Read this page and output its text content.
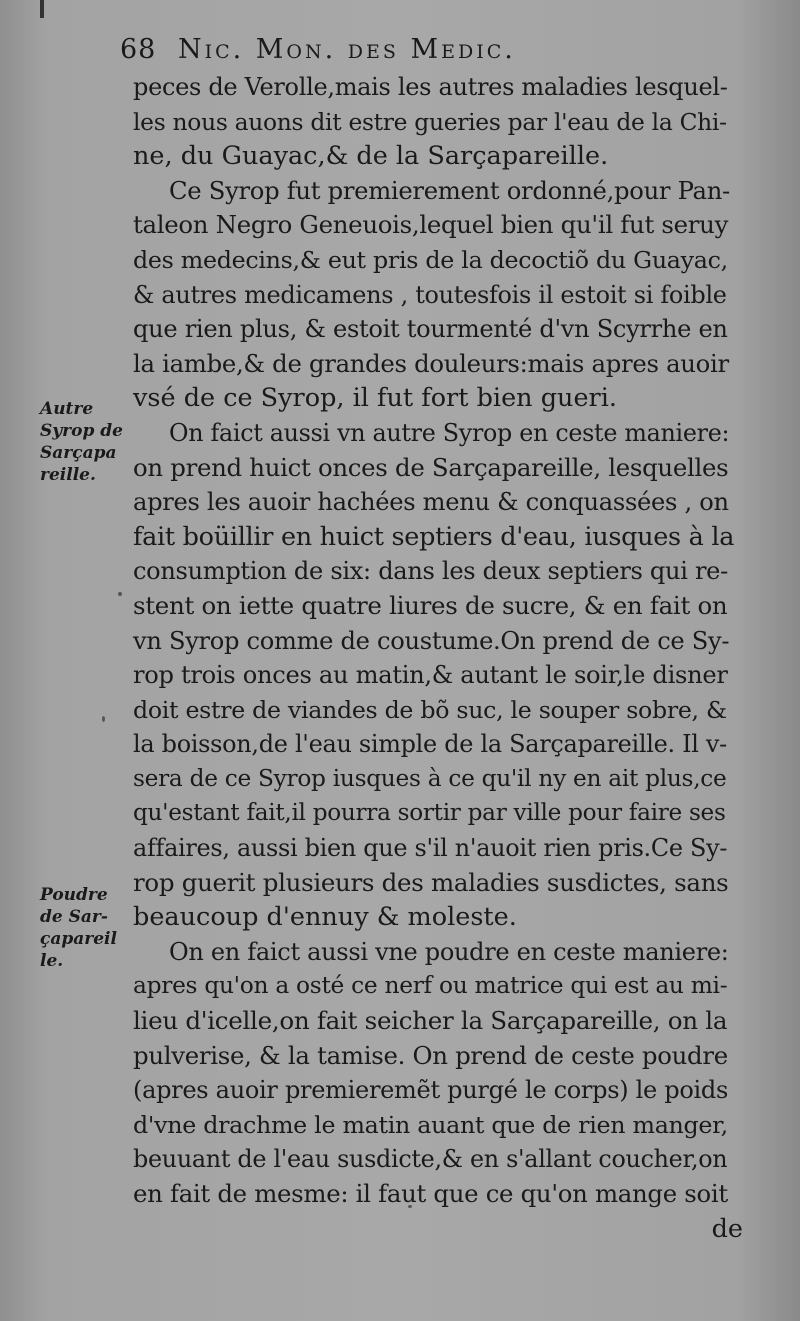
68 Nic. Mon. des Medic.
Autre
Syrop de
Sarçapa
reille.
Poudre
de Sar-
çapareil
le.
peces de Verolle,mais les autres maladies lesquel-
les nous auons dit estre gueries par l'eau de la Chi-
ne, du Guayac,& de la Sarçapareille.
Ce Syrop fut premierement ordonné,pour Pan-
taleon Negro Geneuois,lequel bien qu'il fut seruy
des medecins,& eut pris de la decoctiõ du Guayac,
& autres medicamens , toutesfois il estoit si foible
que rien plus, & estoit tourmenté d'vn Scyrrhe en
la iambe,& de grandes douleurs:mais apres auoir
vsé de ce Syrop, il fut fort bien gueri.
On faict aussi vn autre Syrop en ceste maniere:
on prend huict onces de Sarçapareille, lesquelles
apres les auoir hachées menu & conquassées , on
fait boüillir en huict septiers d'eau, iusques à la
consumption de six: dans les deux septiers qui re-
stent on iette quatre liures de sucre, & en fait on
vn Syrop comme de coustume.On prend de ce Sy-
rop trois onces au matin,& autant le soir,le disner
doit estre de viandes de bõ suc, le souper sobre, &
la boisson,de l'eau simple de la Sarçapareille. Il v-
sera de ce Syrop iusques à ce qu'il ny en ait plus,ce
qu'estant fait,il pourra sortir par ville pour faire ses
affaires, aussi bien que s'il n'auoit rien pris.Ce Sy-
rop guerit plusieurs des maladies susdictes, sans
beaucoup d'ennuy & moleste.
On en faict aussi vne poudre en ceste maniere:
apres qu'on a osté ce nerf ou matrice qui est au mi-
lieu d'icelle,on fait seicher la Sarçapareille, on la
pulverise, & la tamise. On prend de ceste poudre
(apres auoir premieremẽt purgé le corps) le poids
d'vne drachme le matin auant que de rien manger,
beuuant de l'eau susdicte,& en s'allant coucher,on
en fait de mesme: il faut que ce qu'on mange soit
de
